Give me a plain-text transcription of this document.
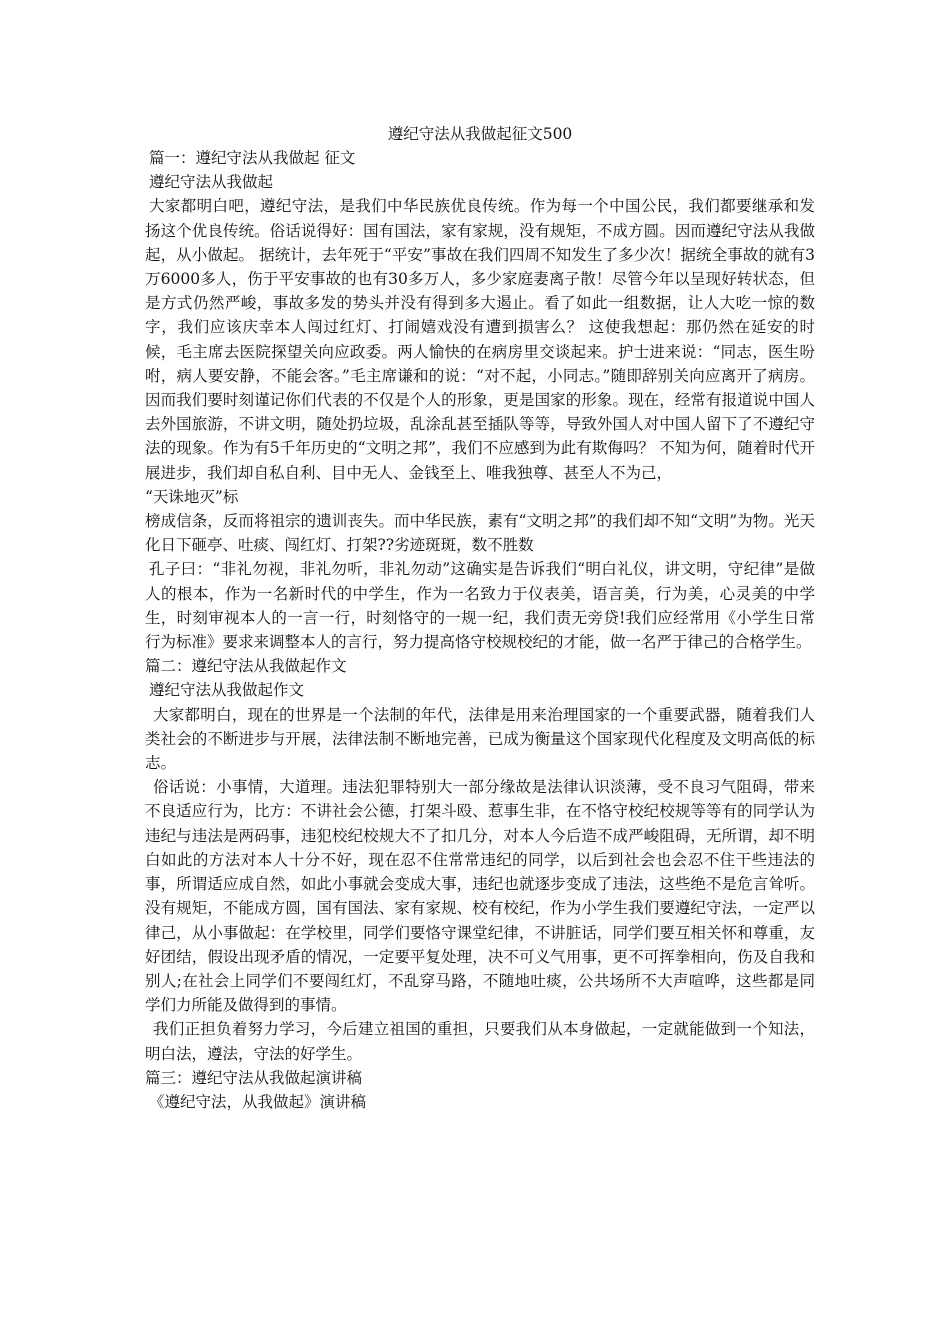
遵纪守法从我做起征文500

篇一：遵纪守法从我做起 征文

遵纪守法从我做起

大家都明白吧，遵纪守法，是我们中华民族优良传统。作为每一个中国公民，我们都要继承和发扬这个优良传统。俗话说得好：国有国法，家有家规，没有规矩，不成方圆。因而遵纪守法从我做起，从小做起。 据统计，去年死于“平安”事故在我们四周不知发生了多少次！据统全事故的就有3万6000多人，伤于平安事故的也有30多万人，多少家庭妻离子散！尽管今年以呈现好转状态，但是方式仍然严峻，事故多发的势头并没有得到多大遏止。看了如此一组数据，让人大吃一惊的数字，我们应该庆幸本人闯过红灯、打闹嬉戏没有遭到损害么？ 这使我想起：那仍然在延安的时候，毛主席去医院探望关向应政委。两人愉快的在病房里交谈起来。护士进来说：“同志，医生吩咐，病人要安静，不能会客。”毛主席谦和的说：“对不起，小同志。”随即辞别关向应离开了病房。 因而我们要时刻谨记你们代表的不仅是个人的形象，更是国家的形象。现在，经常有报道说中国人去外国旅游，不讲文明，随处扔垃圾，乱涂乱甚至插队等等，导致外国人对中国人留下了不遵纪守法的现象。作为有5千年历史的“文明之邦”，我们不应感到为此有欺侮吗？ 不知为何，随着时代开展进步，我们却自私自利、目中无人、金钱至上、唯我独尊、甚至人不为己，

“天诛地灭”标

榜成信条，反而将祖宗的遗训丧失。而中华民族，素有“文明之邦”的我们却不知“文明”为物。光天化日下砸亭、吐痰、闯红灯、打架??劣迹斑斑，数不胜数

孔子曰：“非礼勿视，非礼勿听，非礼勿动”这确实是告诉我们“明白礼仪，讲文明，守纪律”是做人的根本，作为一名新时代的中学生，作为一名致力于仪表美，语言美，行为美，心灵美的中学生，时刻审视本人的一言一行，时刻恪守的一规一纪，我们责无旁贷!我们应经常用《小学生日常行为标准》要求来调整本人的言行，努力提高恪守校规校纪的才能，做一名严于律己的合格学生。

篇二：遵纪守法从我做起作文

遵纪守法从我做起作文

大家都明白，现在的世界是一个法制的年代，法律是用来治理国家的一个重要武器，随着我们人类社会的不断进步与开展，法律法制不断地完善，已成为衡量这个国家现代化程度及文明高低的标志。

俗话说：小事情，大道理。违法犯罪特别大一部分缘故是法律认识淡薄，受不良习气阻碍，带来不良适应行为，比方：不讲社会公德，打架斗殴、惹事生非，在不恪守校纪校规等等有的同学认为违纪与违法是两码事，违犯校纪校规大不了扣几分，对本人今后造不成严峻阻碍，无所谓，却不明白如此的方法对本人十分不好，现在忍不住常常违纪的同学，以后到社会也会忍不住干些违法的事，所谓适应成自然，如此小事就会变成大事，违纪也就逐步变成了违法，这些绝不是危言耸听。没有规矩，不能成方圆，国有国法、家有家规、校有校纪，作为小学生我们要遵纪守法，一定严以律己，从小事做起：在学校里，同学们要恪守课堂纪律，不讲脏话，同学们要互相关怀和尊重，友好团结，假设出现矛盾的情况，一定要平复处理，决不可义气用事，更不可挥拳相向，伤及自我和别人;在社会上同学们不要闯红灯，不乱穿马路，不随地吐痰，公共场所不大声喧哗，这些都是同学们力所能及做得到的事情。

我们正担负着努力学习，今后建立祖国的重担，只要我们从本身做起，一定就能做到一个知法，明白法，遵法，守法的好学生。

篇三：遵纪守法从我做起演讲稿

《遵纪守法，从我做起》演讲稿
